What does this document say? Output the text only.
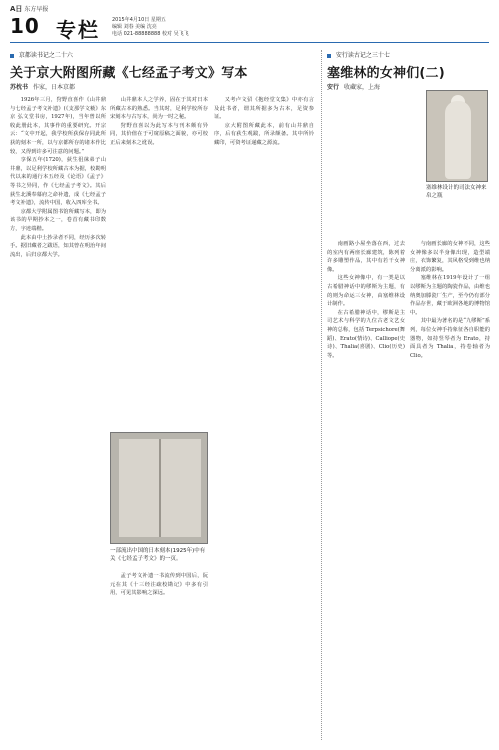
A日 东方早报
10 专栏 2015年4月10日 星期五
编辑 刘春 美编 沈亮
电话 021-88888888 校对 吴飞飞
京都读书记之二十六
关于京大附图所藏《七经孟子考文》写本
苏枕书 作家，日本京都

1926年三月，狩野直喜作《山井鼎与七经孟子考文补遗》(《支那学文薮》东京 弘文堂书房，1927年)，当年曾以所收此册此本，其事作的重要研究。开宗云：“文中开起，我学校所获保存同此所获的刻本一所，以与京都所存的诸本作比较，又得到许多可注意的问题。”

享保五年(1720)，荻生徂徕弟子山井鼎，以足利学校所藏古本为据，校勘明代以来的通行本五经及《论语》《孟子》等书之异同，作《七经孟子考文》。其后荻生北溪奉幕府之命补遗，成《七经孟子考文补遗》，流传中国，收入四库全书。

京都大学附属图书馆所藏写本，即为该书的早期抄本之一，卷首有藏书印数方，字迹端楷。

此本由中土抄录者不同，经历多次转手。据旧藏者之跋语，知其曾在明治年间流出，后归京都大学。

山井鼎本人之学养，固在于其对日本所藏古本的熟悉。当其时，足利学校所存宋刻本与古写本，尚为一时之秘。

狩野直喜以为此写本与刊本颇有异同，其价值在于可窥原稿之面貌，亦可校正后来刻本之讹误。

一部流出中国的日本刻本(1925年)中有关《七经孟子考文》的一页。

孟子考文补遗一书流传到中国后，阮元在其《十三经注疏校勘记》中多有引用，可见其影响之深远。

又考卢文弨《抱经堂文集》中亦有言及此书者，谓其所据多为古本，足资参证。

京大附图所藏此本，前有山井鼎自序，后有荻生观跋，所录颇备。其中所钤藏印，可资考证递藏之源流。

安行读古记之三十七
塞维林的女神们(二)
安行 收藏家，上海
塞维林设计的司法女神来帛之瓶

南画路小屋坐落在西，过去的室内有两座长廊建筑，陈列着许多雕塑作品，其中有若干女神像。

这些女神像中，有一类是以古希腊神话中的缪斯为主题，有的则为命运三女神，由塞维林设计制作。

在古希腊神话中，缪斯是主司艺术与科学的九位古老文艺女神的总称，包括 Terpsichore(舞蹈)、Erato(情诗)、Calliope(史诗)、Thalia(喜剧)、Clio(历史)等。

与南画长廊的女神不同，这些女神像多以半身像出现，造型端庄，衣饰繁复，其风格受到维也纳分离派的影响。

塞维林在1919年设计了一组以缪斯为主题的陶瓷作品，由维也纳奥加滕瓷厂生产，至今仍有部分作品存世，藏于欧洲各地的博物馆中。

其中最为著名的是“九缪斯”系列，每位女神手持象征各自职能的器物，如持竖琴者为 Erato，持面具者为 Thalia，持卷轴者为 Clio。
